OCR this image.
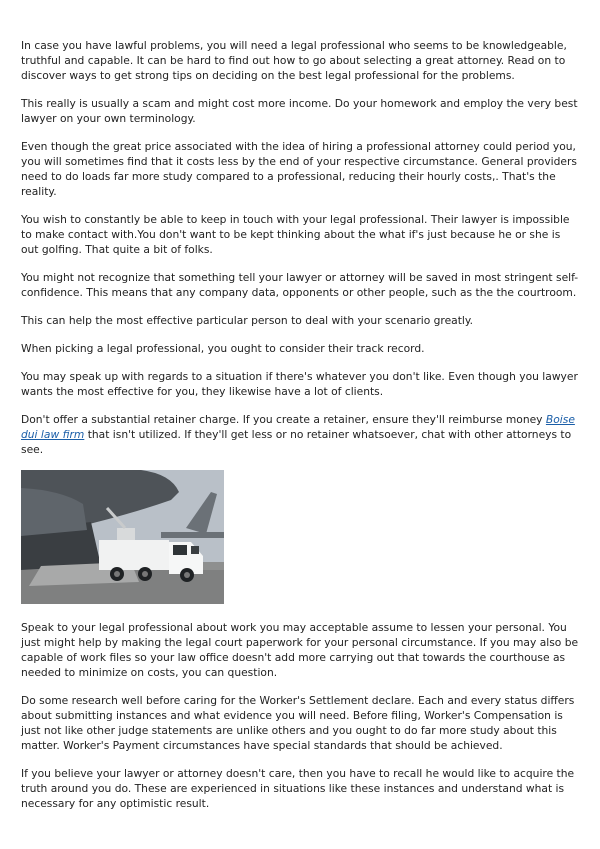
In case you have lawful problems, you will need a legal professional who seems to be knowledgeable, truthful and capable. It can be hard to find out how to go about selecting a great attorney. Read on to discover ways to get strong tips on deciding on the best legal professional for the problems.

This really is usually a scam and might cost more income. Do your homework and employ the very best lawyer on your own terminology.

Even though the great price associated with the idea of hiring a professional attorney could period you, you will sometimes find that it costs less by the end of your respective circumstance. General providers need to do loads far more study compared to a professional, reducing their hourly costs,. That's the reality.

You wish to constantly be able to keep in touch with your legal professional. Their lawyer is impossible to make contact with.You don't want to be kept thinking about the what if's just because he or she is out golfing. That quite a bit of folks.

You might not recognize that something tell your lawyer or attorney will be saved in most stringent self-confidence. This means that any company data, opponents or other people, such as the the courtroom.

This can help the most effective particular person to deal with your scenario greatly.

When picking a legal professional, you ought to consider their track record.

You may speak up with regards to a situation if there's whatever you don't like. Even though you lawyer wants the most effective for you, they likewise have a lot of clients.

Don't offer a substantial retainer charge. If you create a retainer, ensure they'll reimburse money Boise dui law firm that isn't utilized. If they'll get less or no retainer whatsoever, chat with other attorneys to see.

Speak to your legal professional about work you may acceptable assume to lessen your personal. You just might help by making the legal court paperwork for your personal circumstance. If you may also be capable of work files so your law office doesn't add more carrying out that towards the courthouse as needed to minimize on costs, you can question.

Do some research well before caring for the Worker's Settlement declare. Each and every status differs about submitting instances and what evidence you will need. Before filing, Worker's Compensation is just not like other judge statements are unlike others and you ought to do far more study about this matter. Worker's Payment circumstances have special standards that should be achieved.

If you believe your lawyer or attorney doesn't care, then you have to recall he would like to acquire the truth around you do. These are experienced in situations like these instances and understand what is necessary for any optimistic result.
